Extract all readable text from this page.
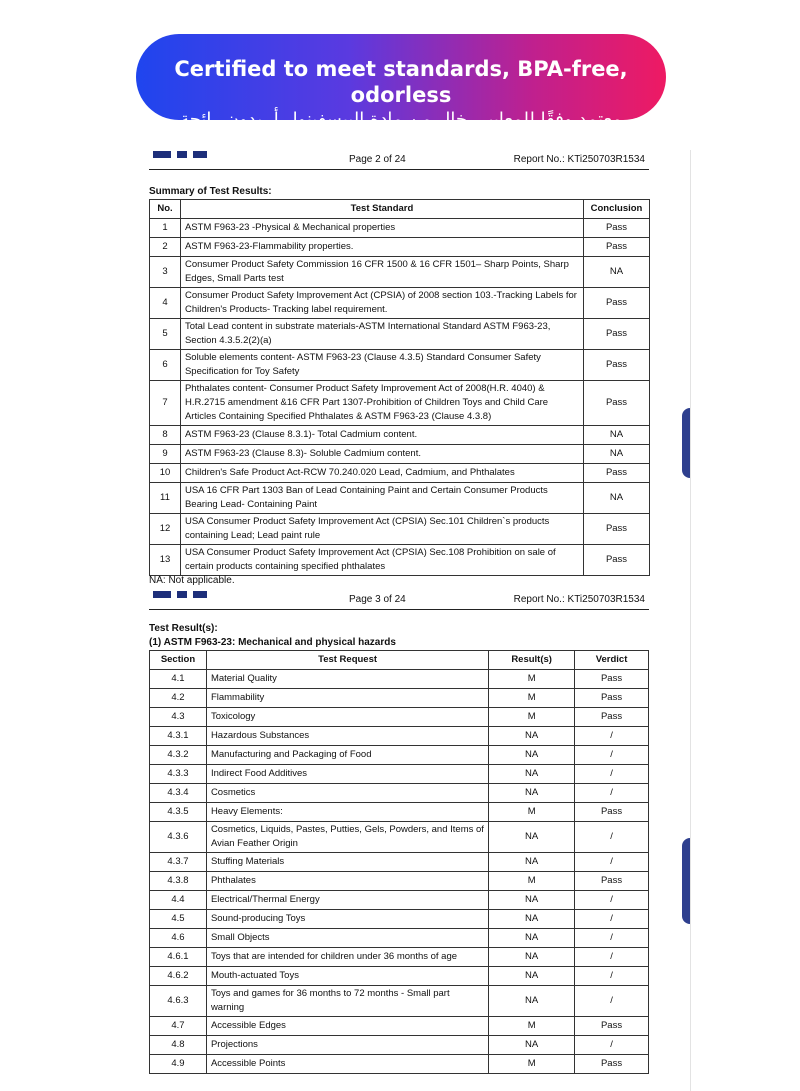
Certified to meet standards, BPA-free, odorless
معتمد وفقًا للمعايير، خالٍ من مادة البيسفينول أ، بدون رائحة
Page 2 of 24	Report No.: KTi250703R1534
Summary of Test Results:
No.	Test Standard	Conclusion
1	ASTM F963-23 -Physical & Mechanical properties	Pass
2	ASTM F963-23-Flammability properties.	Pass
3	Consumer Product Safety Commission 16 CFR 1500 & 16 CFR 1501– Sharp Points, Sharp Edges, Small Parts test	NA
4	Consumer Product Safety Improvement Act (CPSIA) of 2008 section 103.-Tracking Labels for Children's Products- Tracking label requirement.	Pass
5	Total Lead content in substrate materials-ASTM International Standard ASTM F963-23, Section 4.3.5.2(2)(a)	Pass
6	Soluble elements content- ASTM F963-23 (Clause 4.3.5) Standard Consumer Safety Specification for Toy Safety	Pass
7	Phthalates content- Consumer Product Safety Improvement Act of 2008(H.R. 4040) & H.R.2715 amendment &16 CFR Part 1307-Prohibition of Children Toys and Child Care Articles Containing Specified Phthalates & ASTM F963-23 (Clause 4.3.8)	Pass
8	ASTM F963-23 (Clause 8.3.1)- Total Cadmium content.	NA
9	ASTM F963-23 (Clause 8.3)- Soluble Cadmium content.	NA
10	Children's Safe Product Act-RCW 70.240.020 Lead, Cadmium, and Phthalates	Pass
11	USA 16 CFR Part 1303 Ban of Lead Containing Paint and Certain Consumer Products Bearing Lead- Containing Paint	NA
12	USA Consumer Product Safety Improvement Act (CPSIA) Sec.101 Children`s products containing Lead; Lead paint rule	Pass
13	USA Consumer Product Safety Improvement Act (CPSIA) Sec.108 Prohibition on sale of certain products containing specified phthalates	Pass
NA: Not applicable.
Page 3 of 24	Report No.: KTi250703R1534
Test Result(s):
(1) ASTM F963-23: Mechanical and physical hazards
Section	Test Request	Result(s)	Verdict
4.1	Material Quality	M	Pass
4.2	Flammability	M	Pass
4.3	Toxicology	M	Pass
4.3.1	Hazardous Substances	NA	/
4.3.2	Manufacturing and Packaging of Food	NA	/
4.3.3	Indirect Food Additives	NA	/
4.3.4	Cosmetics	NA	/
4.3.5	Heavy Elements:	M	Pass
4.3.6	Cosmetics, Liquids, Pastes, Putties, Gels, Powders, and Items of Avian Feather Origin	NA	/
4.3.7	Stuffing Materials	NA	/
4.3.8	Phthalates	M	Pass
4.4	Electrical/Thermal Energy	NA	/
4.5	Sound-producing Toys	NA	/
4.6	Small Objects	NA	/
4.6.1	Toys that are intended for children under 36 months of age	NA	/
4.6.2	Mouth-actuated Toys	NA	/
4.6.3	Toys and games for 36 months to 72 months - Small part warning	NA	/
4.7	Accessible Edges	M	Pass
4.8	Projections	NA	/
4.9	Accessible Points	M	Pass
